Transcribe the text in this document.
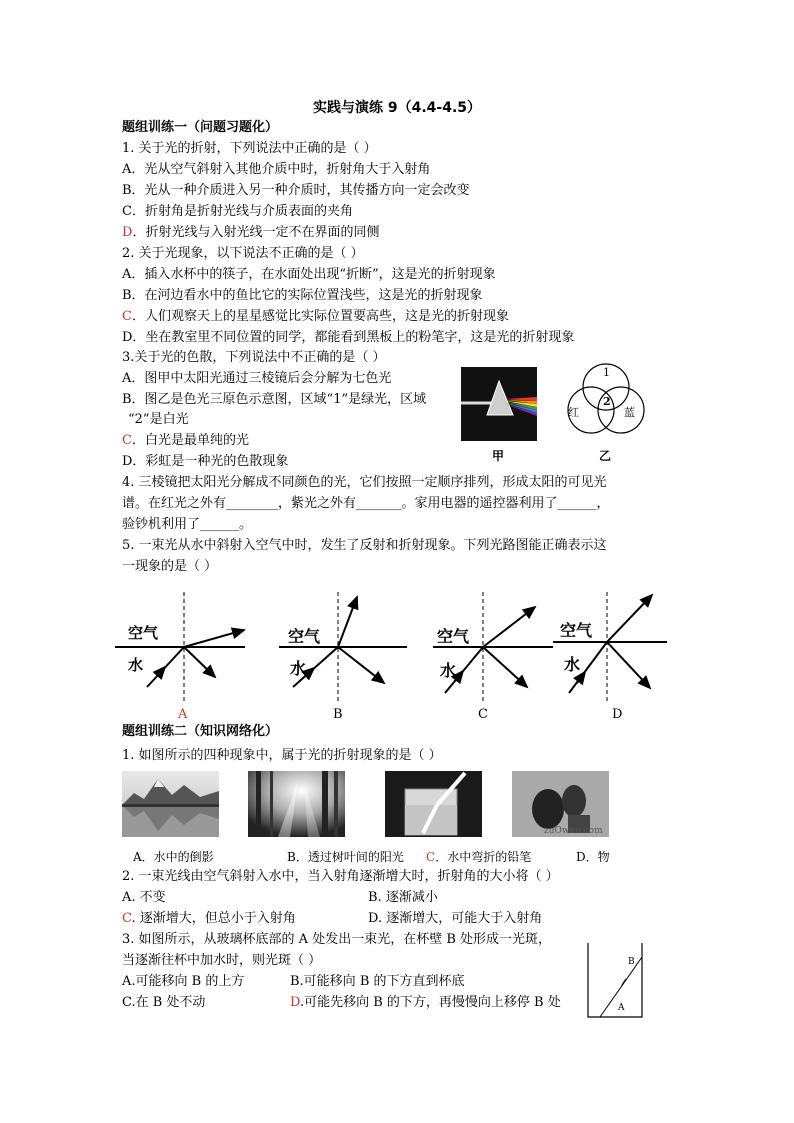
实践与演练 9（4.4-4.5）
题组训练一（问题习题化）
1. 关于光的折射，下列说法中正确的是（ ）
A．光从空气斜射入其他介质中时，折射角大于入射角
B．光从一种介质进入另一种介质时，其传播方向一定会改变
C．折射角是折射光线与介质表面的夹角
D．折射光线与入射光线一定不在界面的同侧
2. 关于光现象，以下说法不正确的是（ ）
A．插入水杯中的筷子，在水面处出现“折断”，这是光的折射现象
B．在河边看水中的鱼比它的实际位置浅些，这是光的折射现象
C．人们观察天上的星星感觉比实际位置要高些，这是光的折射现象
D．坐在教室里不同位置的同学，都能看到黑板上的粉笔字，这是光的折射现象
3.关于光的色散，下列说法中不正确的是（ ）
A．图甲中太阳光通过三棱镜后会分解为七色光
B．图乙是色光三原色示意图，区域“1”是绿光，区域
“2”是白光
C．白光是最单纯的光
D．彩虹是一种光的色散现象	甲
1
2
红	蓝
乙
4. 三棱镜把太阳光分解成不同颜色的光，它们按照一定顺序排列，形成太阳的可见光
谱。在红光之外有________，紫光之外有_______。家用电器的遥控器利用了______，
验钞机利用了______。
5. 一束光从水中斜射入空气中时，发生了反射和折射现象。下列光路图能正确表示这
一现象的是（ ）
空气
水
空气
水
空气
水
空气
水
A	B	C	D
题组训练二（知识网络化）
1. 如图所示的四种现象中，属于光的折射现象的是（ ）
zuOwen.com
A．水中的倒影	B．透过树叶间的阳光 C．水中弯折的铅笔	D．物
2. 一束光线由空气斜射入水中，当入射角逐渐增大时，折射角的大小将（ ）
A. 不变	B. 逐渐减小
C. 逐渐增大，但总小于入射角	D. 逐渐增大，可能大于入射角
3. 如图所示，从玻璃杯底部的 A 处发出一束光，在杯壁 B 处形成一光斑，
当逐渐往杯中加水时，则光斑（ ）
A.可能移向 B 的上方	B.可能移向 B 的下方直到杯底
C.在 B 处不动	D.可能先移向 B 的下方，再慢慢向上移停 B 处
B
A
